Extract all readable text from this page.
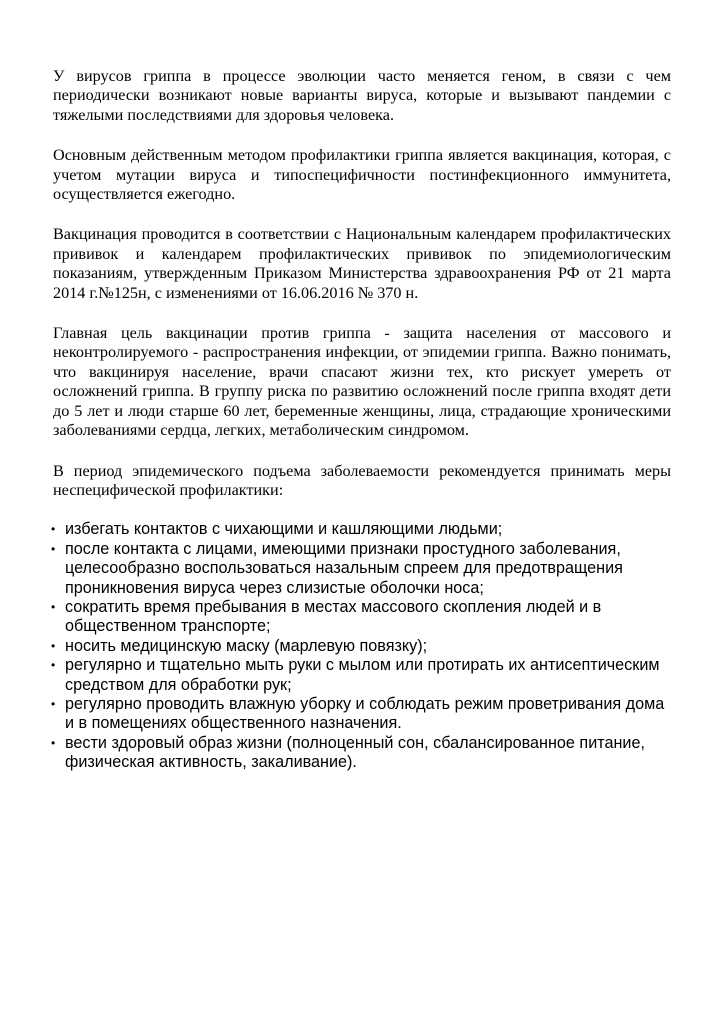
У вирусов гриппа в процессе эволюции часто меняется геном, в связи с чем периодически возникают новые варианты вируса, которые и вызывают пандемии с тяжелыми последствиями для здоровья человека.

Основным действенным методом профилактики гриппа является вакцинация, которая, с учетом мутации вируса и типоспецифичности постинфекционного иммунитета, осуществляется ежегодно.

Вакцинация проводится в соответствии с Национальным календарем профилактических прививок и календарем профилактических прививок по эпидемиологическим показаниям, утвержденным Приказом Министерства здравоохранения РФ от 21 марта 2014 г.№125н, с изменениями от 16.06.2016 № 370 н.

Главная цель вакцинации против гриппа - защита населения от массового и неконтролируемого - распространения инфекции, от эпидемии гриппа. Важно понимать, что вакцинируя население, врачи спасают жизни тех, кто рискует умереть от осложнений гриппа. В группу риска по развитию осложнений после гриппа входят дети до 5 лет и люди старше 60 лет, беременные женщины, лица, страдающие хроническими заболеваниями сердца, легких, метаболическим синдромом.

В период эпидемического подъема заболеваемости рекомендуется принимать меры неспецифической профилактики:

• избегать контактов с чихающими и кашляющими людьми;
• после контакта с лицами, имеющими признаки простудного заболевания, целесообразно воспользоваться назальным спреем для предотвращения проникновения вируса через слизистые оболочки носа;
• сократить время пребывания в местах массового скопления людей и в общественном транспорте;
• носить медицинскую маску (марлевую повязку);
• регулярно и тщательно мыть руки с мылом или протирать их антисептическим средством для обработки рук;
• регулярно проводить влажную уборку и соблюдать режим проветривания дома и в помещениях общественного назначения.
• вести здоровый образ жизни (полноценный сон, сбалансированное питание, физическая активность, закаливание).
